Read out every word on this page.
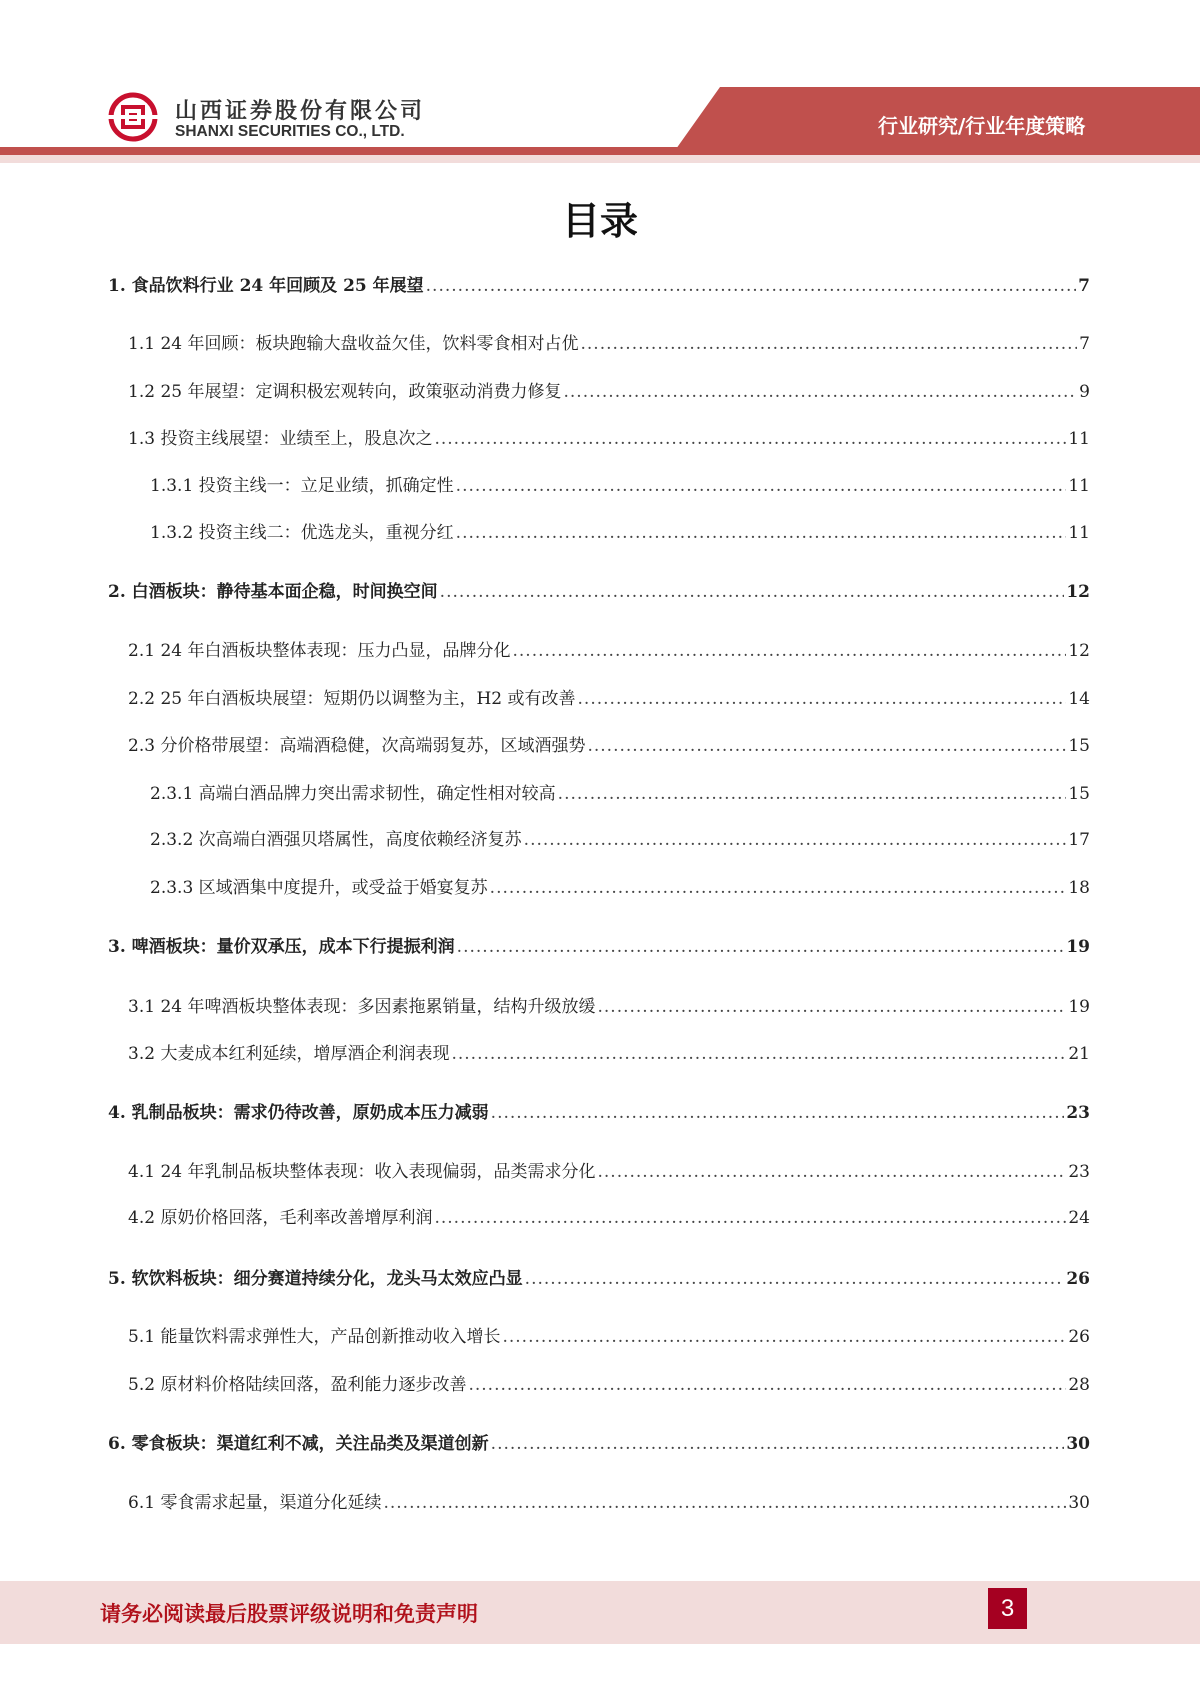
山西证券股份有限公司
SHANXI SECURITIES CO., LTD.	行业研究/行业年度策略
目录
1. 食品饮料行业 24 年回顾及 25 年展望 .....	7
1.1 24 年回顾：板块跑输大盘收益欠佳，饮料零食相对占优 .....	7
1.2 25 年展望：定调积极宏观转向，政策驱动消费力修复 .....	9
1.3 投资主线展望：业绩至上，股息次之 .....	11
1.3.1 投资主线一：立足业绩，抓确定性 .....	11
1.3.2 投资主线二：优选龙头，重视分红 .....	11
2. 白酒板块：静待基本面企稳，时间换空间 .....	12
2.1 24 年白酒板块整体表现：压力凸显，品牌分化 .....	12
2.2 25 年白酒板块展望：短期仍以调整为主，H2 或有改善 .....	14
2.3 分价格带展望：高端酒稳健，次高端弱复苏，区域酒强势 .....	15
2.3.1 高端白酒品牌力突出需求韧性，确定性相对较高 .....	15
2.3.2 次高端白酒强贝塔属性，高度依赖经济复苏 .....	17
2.3.3 区域酒集中度提升，或受益于婚宴复苏 .....	18
3. 啤酒板块：量价双承压，成本下行提振利润 .....	19
3.1 24 年啤酒板块整体表现：多因素拖累销量，结构升级放缓 .....	19
3.2 大麦成本红利延续，增厚酒企利润表现 .....	21
4. 乳制品板块：需求仍待改善，原奶成本压力减弱 .....	23
4.1 24 年乳制品板块整体表现：收入表现偏弱，品类需求分化 .....	23
4.2 原奶价格回落，毛利率改善增厚利润 .....	24
5. 软饮料板块：细分赛道持续分化，龙头马太效应凸显 .....	26
5.1 能量饮料需求弹性大，产品创新推动收入增长 .....	26
5.2 原材料价格陆续回落，盈利能力逐步改善 .....	28
6. 零食板块：渠道红利不减，关注品类及渠道创新 .....	30
6.1 零食需求起量，渠道分化延续 .....	30
请务必阅读最后股票评级说明和免责声明	3
